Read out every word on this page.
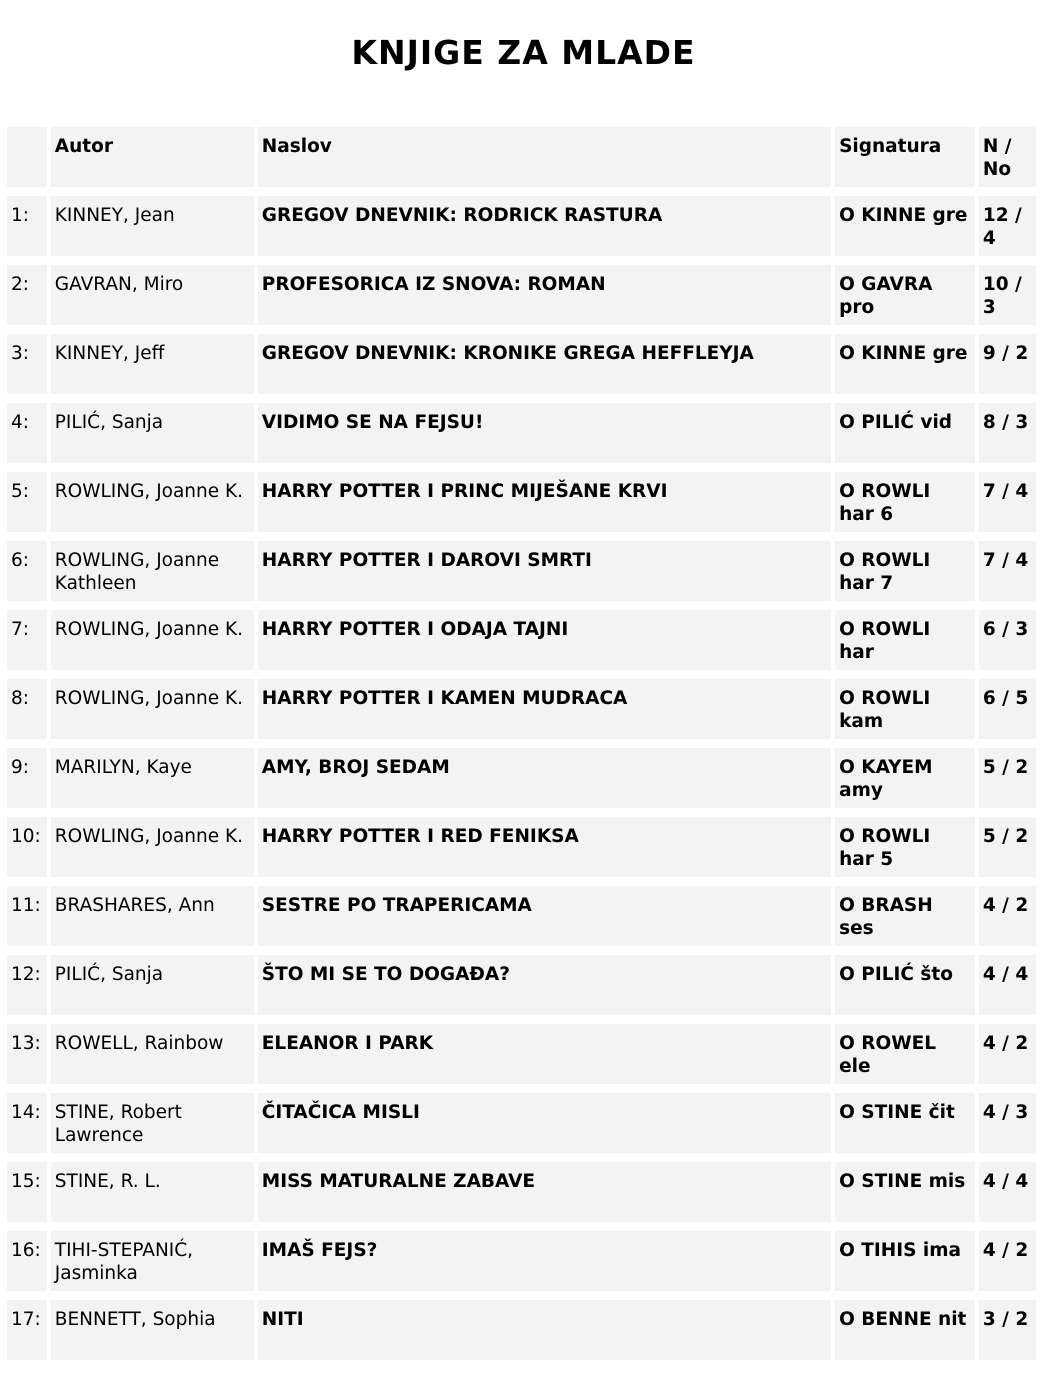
KNJIGE ZA MLADE
	Autor	Naslov	Signatura	N / No
1:	KINNEY, Jean	GREGOV DNEVNIK: RODRICK RASTURA	O KINNE gre	12 / 4
2:	GAVRAN, Miro	PROFESORICA IZ SNOVA: ROMAN	O GAVRA pro	10 / 3
3:	KINNEY, Jeff	GREGOV DNEVNIK: KRONIKE GREGA HEFFLEYJA	O KINNE gre	9 / 2
4:	PILIĆ, Sanja	VIDIMO SE NA FEJSU!	O PILIĆ vid	8 / 3
5:	ROWLING, Joanne K.	HARRY POTTER I PRINC MIJEŠANE KRVI	O ROWLI har 6	7 / 4
6:	ROWLING, Joanne Kathleen	HARRY POTTER I DAROVI SMRTI	O ROWLI har 7	7 / 4
7:	ROWLING, Joanne K.	HARRY POTTER I ODAJA TAJNI	O ROWLI har	6 / 3
8:	ROWLING, Joanne K.	HARRY POTTER I KAMEN MUDRACA	O ROWLI kam	6 / 5
9:	MARILYN, Kaye	AMY, BROJ SEDAM	O KAYEM amy	5 / 2
10:	ROWLING, Joanne K.	HARRY POTTER I RED FENIKSA	O ROWLI har 5	5 / 2
11:	BRASHARES, Ann	SESTRE PO TRAPERICAMA	O BRASH ses	4 / 2
12:	PILIĆ, Sanja	ŠTO MI SE TO DOGAĐA?	O PILIĆ što	4 / 4
13:	ROWELL, Rainbow	ELEANOR I PARK	O ROWEL ele	4 / 2
14:	STINE, Robert Lawrence	ČITAČICA MISLI	O STINE čit	4 / 3
15:	STINE, R. L.	MISS MATURALNE ZABAVE	O STINE mis	4 / 4
16:	TIHI-STEPANIĆ, Jasminka	IMAŠ FEJS?	O TIHIS ima	4 / 2
17:	BENNETT, Sophia	NITI	O BENNE nit	3 / 2
